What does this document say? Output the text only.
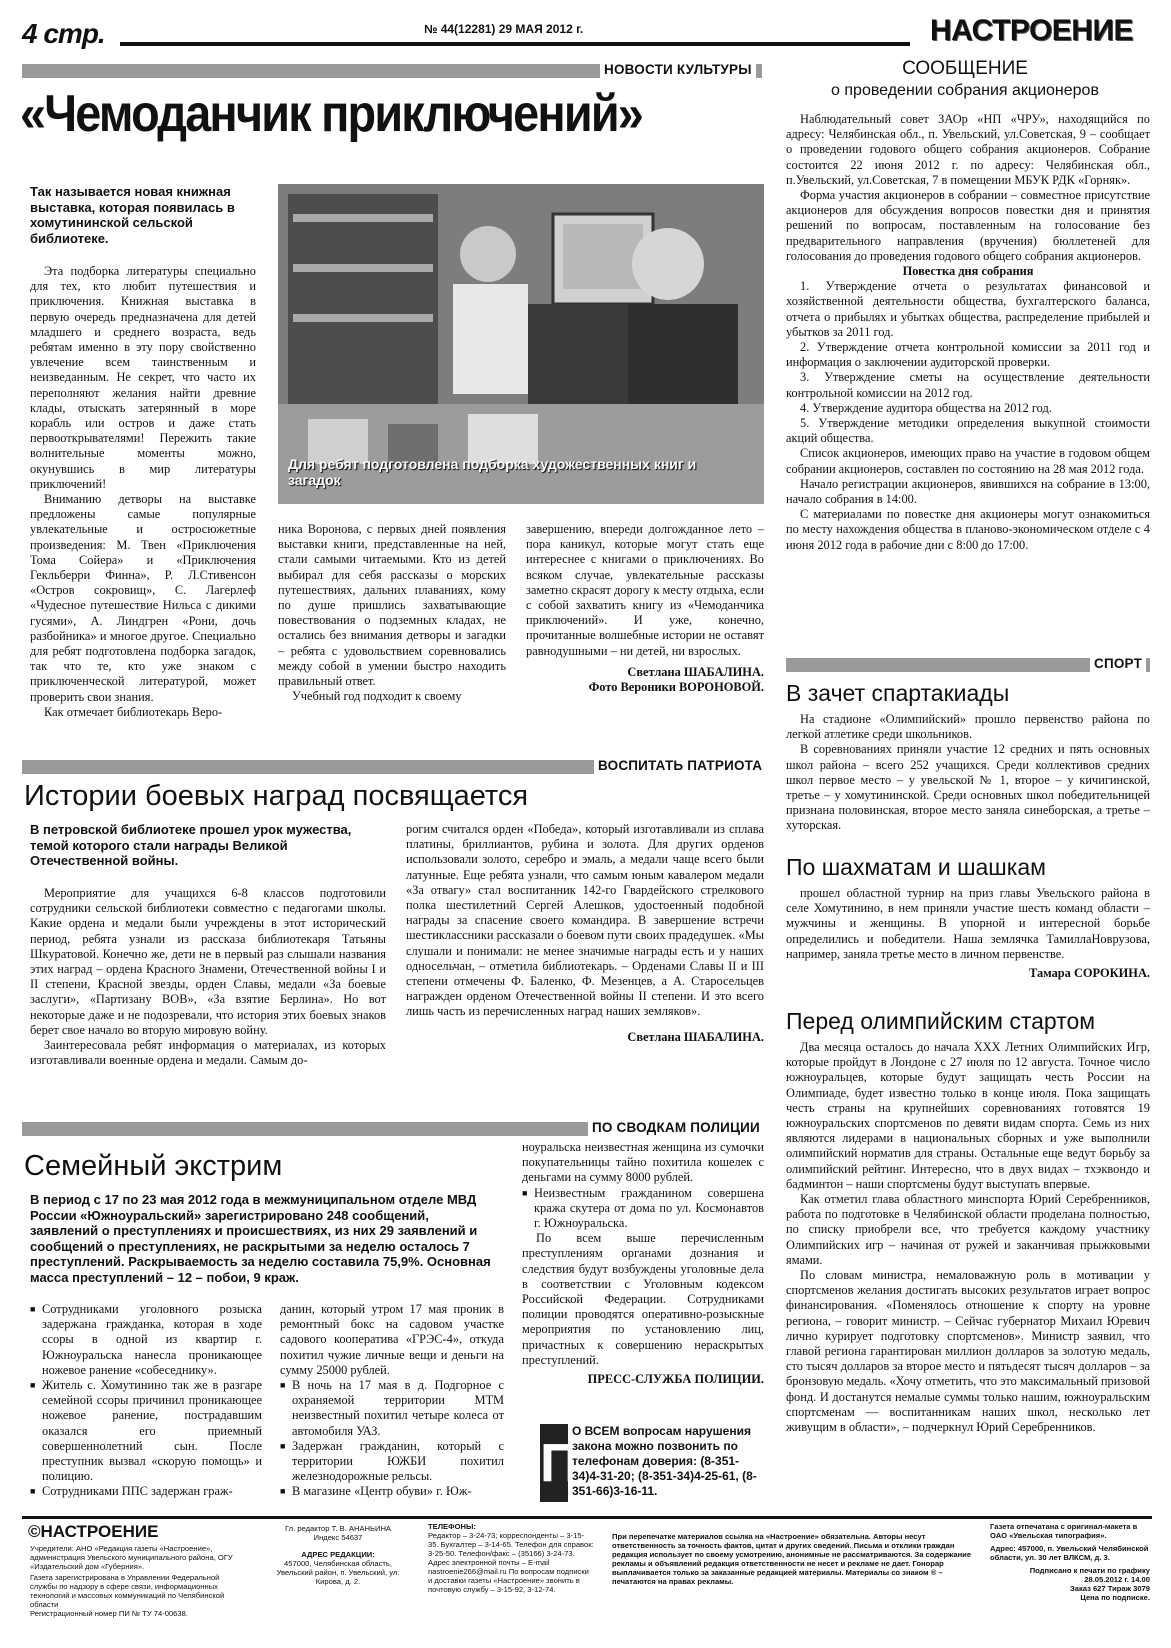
4 стр.	№ 44(12281) 29 МАЯ 2012 г.	НАСТРОЕНИЕ
НОВОСТИ КУЛЬТУРЫ
«Чемоданчик приключений»
Так называется новая книжная выставка, которая появилась в хомутининской сельской библиотеке.
Для ребят подготовлена подборка художественных книг и загадок

Эта подборка литературы специально для тех, кто любит путешествия и приключения. Книжная выставка в первую очередь предназначена для детей младшего и среднего возраста, ведь ребятам именно в эту пору свойственно увлечение всем таинственным и неизведанным. Не секрет, что часто их переполняют желания найти древние клады, отыскать затерянный в море корабль или остров и даже стать первооткрывателями! Пережить такие волнительные моменты можно, окунувшись в мир литературы приключений!

Вниманию детворы на выставке предложены самые популярные увлекательные и остросюжетные произведения: М. Твен «Приключения Тома Сойера» и «Приключения Гекльберри Финна», Р. Л.Стивенсон «Остров сокровищ», С. Лагерлеф «Чудесное путешествие Нильса с дикими гусями», А. Линдгрен «Рони, дочь разбойника» и многое другое. Специально для ребят подготовлена подборка загадок, так что те, кто уже знаком с приключенческой литературой, может проверить свои знания.

Как отмечает библиотекарь Веро-

ника Воронова, с первых дней появления выставки книги, представленные на ней, стали самыми читаемыми. Кто из детей выбирал для себя рассказы о морских путешествиях, дальних плаваниях, кому по душе пришлись захватывающие повествования о подземных кладах, не остались без внимания детворы и загадки – ребята с удовольствием соревновались между собой в умении быстро находить правильный ответ.

Учебный год подходит к своему

завершению, впереди долгожданное лето – пора каникул, которые могут стать еще интереснее с книгами о приключениях. Во всяком случае, увлекательные рассказы заметно скрасят дорогу к месту отдыха, если с собой захватить книгу из «Чемоданчика приключений». И уже, конечно, прочитанные волшебные истории не оставят равнодушными – ни детей, ни взрослых.

Светлана ШАБАЛИНА.
Фото Вероники ВОРОНОВОЙ.
СООБЩЕНИЕ
о проведении собрания акционеров

Наблюдательный совет ЗАОр «НП «ЧРУ», находящийся по адресу: Челябинская обл., п. Увельский, ул.Советская, 9 – сообщает о проведении годового общего собрания акционеров. Собрание состоится 22 июня 2012 г. по адресу: Челябинская обл., п.Увельский, ул.Советская, 7 в помещении МБУК РДК «Горняк».

Форма участия акционеров в собрании – совместное присутствие акционеров для обсуждения вопросов повестки дня и принятия решений по вопросам, поставленным на голосование без предварительного направления (вручения) бюллетеней для голосования до проведения годового общего собрания акционеров.

Повестка дня собрания

1. Утверждение отчета о результатах финансовой и хозяйственной деятельности общества, бухгалтерского баланса, отчета о прибылях и убытках общества, распределение прибылей и убытков за 2011 год.

2. Утверждение отчета контрольной комиссии за 2011 год и информация о заключении аудиторской проверки.

3. Утверждение сметы на осуществление деятельности контрольной комиссии на 2012 год.

4. Утверждение аудитора общества на 2012 год.

5. Утверждение методики определения выкупной стоимости акций общества.

Список акционеров, имеющих право на участие в годовом общем собрании акционеров, составлен по состоянию на 28 мая 2012 года.

Начало регистрации акционеров, явившихся на собрание в 13:00, начало собрания в 14:00.

С материалами по повестке дня акционеры могут ознакомиться по месту нахождения общества в планово-экономическом отделе с 4 июня 2012 года в рабочие дни с 8:00 до 17:00.

СПОРТ
В зачет спартакиады

На стадионе «Олимпийский» прошло первенство района по легкой атлетике среди школьников.

В соревнованиях приняли участие 12 средних и пять основных школ района – всего 252 учащихся. Среди коллективов средних школ первое место – у увельской № 1, второе – у кичигинской, третье – у хомутининской. Среди основных школ победительницей признана половинская, второе место заняла синеборская, а третье – хуторская.

По шахматам и шашкам

прошел областной турнир на приз главы Увельского района в селе Хомутинино, в нем приняли участие шесть команд области – мужчины и женщины. В упорной и интересной борьбе определились и победители. Наша землячка ТамиллаНоврузова, например, заняла третье место в личном первенстве.

Тамара СОРОКИНА.
Перед олимпийским стартом

Два месяца осталось до начала XXX Летних Олимпийских Игр, которые пройдут в Лондоне с 27 июля по 12 августа. Точное число южноуральцев, которые будут защищать честь России на Олимпиаде, будет известно только в конце июля. Пока защищать честь страны на крупнейших соревнованиях готовятся 19 южноуральских спортсменов по девяти видам спорта. Семь из них являются лидерами в национальных сборных и уже выполнили олимпийский норматив для страны. Остальные еще ведут борьбу за олимпийский рейтинг. Интересно, что в двух видах – тхэквондо и бадминтон – наши спортсмены будут выступать впервые.

Как отметил глава областного минспорта Юрий Серебренников, работа по подготовке в Челябинской области проделана полностью, по списку приобрели все, что требуется каждому участнику Олимпийских игр – начиная от ружей и заканчивая прыжковыми ямами.

По словам министра, немаловажную роль в мотивации у спортсменов желания достигать высоких результатов играет вопрос финансирования. «Поменялось отношение к спорту на уровне региона, – говорит министр. – Сейчас губернатор Михаил Юревич лично курирует подготовку спортсменов». Министр заявил, что главой региона гарантирован миллион долларов за золотую медаль, сто тысяч долларов за второе место и пятьдесят тысяч долларов – за бронзовую медаль. «Хочу отметить, что это максимальный призовой фонд. И достанутся немалые суммы только нашим, южноуральским спортсменам — воспитанникам наших школ, несколько лет живущим в области», – подчеркнул Юрий Серебренников.

ВОСПИТАТЬ ПАТРИОТА
Истории боевых наград посвящается
В петровской библиотеке прошел урок мужества, темой которого стали награды Великой Отечественной войны.

Мероприятие для учащихся 6-8 классов подготовили сотрудники сельской библиотеки совместно с педагогами школы. Какие ордена и медали были учреждены в этот исторический период, ребята узнали из рассказа библиотекаря Татьяны Шкуратовой. Конечно же, дети не в первый раз слышали названия этих наград – ордена Красного Знамени, Отечественной войны I и II степени, Красной звезды, орден Славы, медали «За боевые заслуги», «Партизану ВОВ», «За взятие Берлина». Но вот некоторые даже и не подозревали, что история этих боевых знаков берет свое начало во вторую мировую войну.

Заинтересовала ребят информация о материалах, из которых изготавливали военные ордена и медали. Самым до-

рогим считался орден «Победа», который изготавливали из сплава платины, бриллиантов, рубина и золота. Для других орденов использовали золото, серебро и эмаль, а медали чаще всего были латунные. Еще ребята узнали, что самым юным кавалером медали «За отвагу» стал воспитанник 142-го Гвардейского стрелкового полка шестилетний Сергей Алешков, удостоенный подобной награды за спасение своего командира. В завершение встречи шестиклассники рассказали о боевом пути своих прадедушек. «Мы слушали и понимали: не менее значимые награды есть и у наших односельчан, – отметила библиотекарь. – Орденами Славы II и III степени отмечены Ф. Баленко, Ф. Мезенцев, а А. Старосельцев награжден орденом Отечественной войны II степени. И это всего лишь часть из перечисленных наград наших земляков».

Светлана ШАБАЛИНА.
ПО СВОДКАМ ПОЛИЦИИ
Семейный экстрим
В период с 17 по 23 мая 2012 года в межмуниципальном отделе МВД России «Южноуральский» зарегистрировано 248 сообщений, заявлений о преступлениях и происшествиях, из них 29 заявлений и сообщений о преступлениях, не раскрытыми за неделю осталось 7 преступлений. Раскрываемость за неделю составила 75,9%. Основная масса преступлений – 12 – побои, 9 краж.
■ Сотрудниками уголовного розыска задержана гражданка, которая в ходе ссоры в одной из квартир г. Южноуральска нанесла проникающее ножевое ранение «собеседнику».
■ Житель с. Хомутинино так же в разгаре семейной ссоры причинил проникающее ножевое ранение, пострадавшим оказался его приемный совершеннолетний сын. После преступник вызвал «скорую помощь» и полицию.
■ Сотрудниками ППС задержан граж-
данин, который утром 17 мая проник в ремонтный бокс на садовом участке садового кооператива «ГРЭС-4», откуда похитил чужие личные вещи и деньги на сумму 25000 рублей.
■ В ночь на 17 мая в д. Подгорное с охраняемой территории МТМ неизвестный похитил четыре колеса от автомобиля УАЗ.
■ Задержан гражданин, который с территории ЮЖБИ похитил железнодорожные рельсы.
■ В магазине «Центр обуви» г. Юж-
ноуральска неизвестная женщина из сумочки покупательницы тайно похитила кошелек с деньгами на сумму 8000 рублей.
■ Неизвестным гражданином совершена кража скутера от дома по ул. Космонавтов г. Южноуральска.

По всем выше перечисленным преступлениям органами дознания и следствия будут возбуждены уголовные дела в соответствии с Уголовным кодексом Российской Федерации. Сотрудниками полиции проводятся оперативно-розыскные мероприятия по установлению лиц, причастных к совершению нераскрытых преступлений.

ПРЕСС-СЛУЖБА ПОЛИЦИИ.
П
О ВСЕМ вопросам нарушения закона можно позвонить по телефонам доверия: (8-351-34)4-31-20; (8-351-34)4-25-61, (8-351-66)3-16-11.
©НАСТРОЕНИЕ
Учредители: АНО «Редакция газеты «Настроение», администрация Увельского муниципального района, ОГУ «Издательский дом «Губерния».
Газета зарегистрирована в Управлении Федеральной службы по надзору в сфере связи, информационных технологий и массовых коммуникаций по Челябинской области
Регистрационный номер ПИ № ТУ 74-00638.
Гл. редактор Т. В. АНАНЬИНА
Индекс 54637
АДРЕС РЕДАКЦИИ:
457000, Челябинская область, Увельский район, п. Увельский, ул. Кирова, д. 2.
ТЕЛЕФОНЫ:
Редактор – 3-24-73; корреспонденты – 3-15-35. Бухгалтер – 3-14-65. Телефон для справок: 3-25-50. Телефон/факс – (35166) 3-24-73. Адрес электронной почты – E-mail nastroenie266@mail.ru По вопросам подписки и доставки газеты «Настроение» звонить в почтовую службу – 3-15-92, 3-12-74.
При перепечатке материалов ссылка на «Настроение» обязательна. Авторы несут ответственность за точность фактов, цитат и других сведений. Письма и отклики граждан редакция использует по своему усмотрению, анонимные не рассматриваются. За содержание рекламы и объявлений редакция ответственности не несет и рекламе не дает. Гонорар выплачивается только за заказанные редакцией материалы. Материалы со знаком ® – печатаются на правах рекламы.
Газета отпечатана с оригинал-макета в ОАО «Увельская типография».
Адрес: 457000, п. Увельский Челябинской области, ул. 30 лет ВЛКСМ, д. 3.
Подписано к печати по графику 28.05.2012 г. 14.00
Заказ 627 Тираж 3079
Цена по подписке.
